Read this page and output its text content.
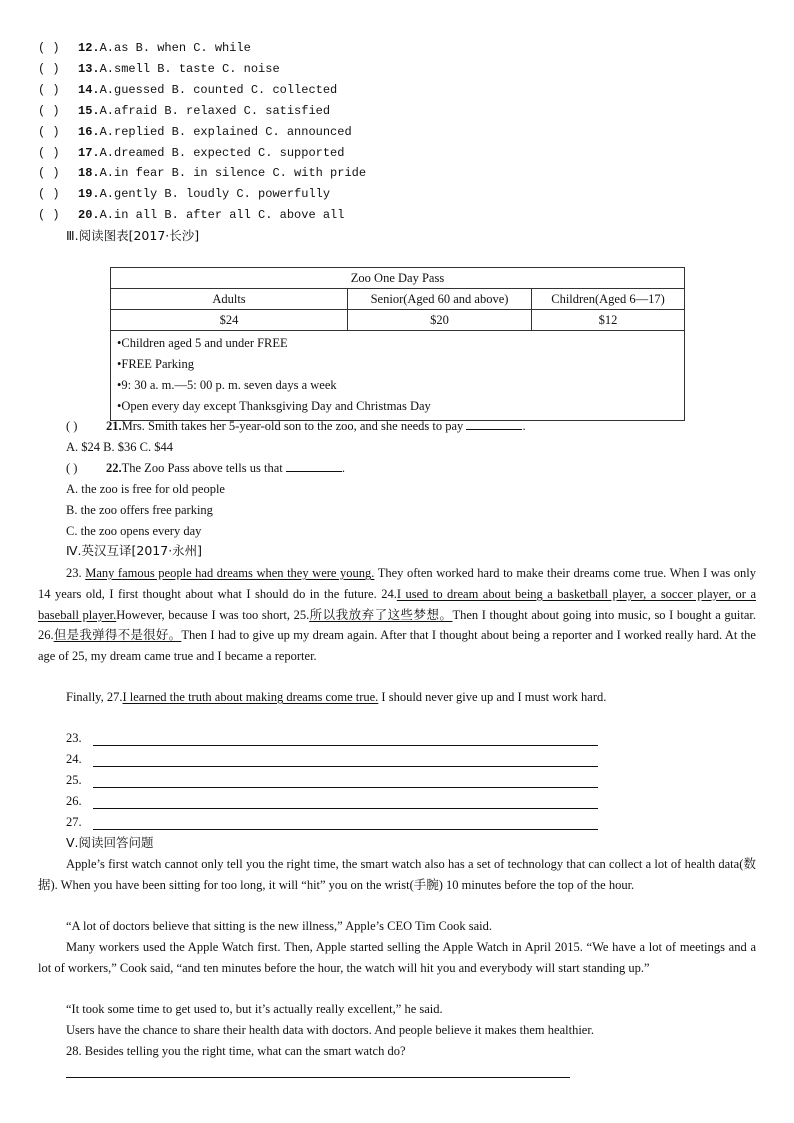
( ) 12.A.as B. when C. while
( ) 13.A.smell B. taste C. noise
( ) 14.A.guessed B. counted C. collected
( ) 15.A.afraid B. relaxed C. satisfied
( ) 16.A.replied B. explained C. announced
( ) 17.A.dreamed B. expected C. supported
( ) 18.A.in fear B. in silence C. with pride
( ) 19.A.gently B. loudly C. powerfully
( ) 20.A.in all B. after all C. above all
Ⅲ.阅读图表[2017·长沙]
Zoo One Day Pass		
Adults	Senior(Aged 60 and above)	Children(Aged 6—17)
$24	$20	$12

•Children aged 5 and under FREE
•FREE Parking
•9: 30 a. m.—5: 00 p. m. seven days a week
•Open every day except Thanksgiving Day and Christmas Day		
( ) 21.Mrs. Smith takes her 5-year-old son to the zoo, and she needs to pay	.
A. $24 B. $36 C. $44
( ) 22.The Zoo Pass above tells us that	.
A. the zoo is free for old people
B. the zoo offers free parking
C. the zoo opens every day
Ⅳ.英汉互译[2017·永州]
23. Many famous people had dreams when they were young. They often worked hard to make their dreams come true. When I was only 14 years old, I first thought about what I should do in the future. 24.I used to dream about being a basketball player, a soccer player, or a baseball player.However, because I was too short, 25.所以我放弃了这些梦想。Then I thought about going into music, so I bought a guitar. 26.但是我弹得不是很好。Then I had to give up my dream again. After that I thought about being a reporter and I worked really hard. At the age of 25, my dream came true and I became a reporter.
Finally, 27.I learned the truth about making dreams come true. I should never give up and I must work hard.
23.
24.
25.
26.
27.
Ⅴ.阅读回答问题
Apple’s first watch cannot only tell you the right time, the smart watch also has a set of technology that can collect a lot of health data(数据). When you have been sitting for too long, it will “hit” you on the wrist(手腕) 10 minutes before the top of the hour.
“A lot of doctors believe that sitting is the new illness,” Apple’s CEO Tim Cook said.
Many workers used the Apple Watch first. Then, Apple started selling the Apple Watch in April 2015. “We have a lot of meetings and a lot of workers,” Cook said, “and ten minutes before the hour, the watch will hit you and everybody will start standing up.”
“It took some time to get used to, but it’s actually really excellent,” he said.
Users have the chance to share their health data with doctors. And people believe it makes them healthier.
28. Besides telling you the right time, what can the smart watch do?
